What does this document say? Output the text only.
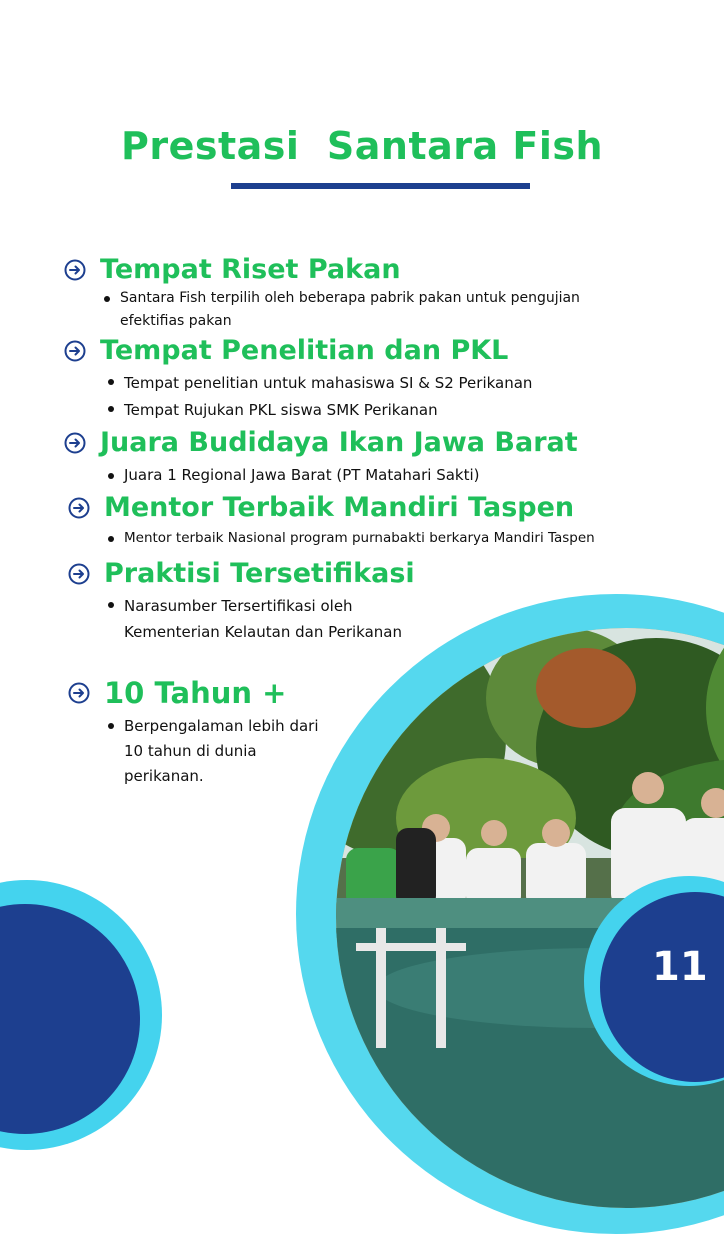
Prestasi  Santara Fish
Tempat Riset Pakan
Santara Fish terpilih oleh beberapa pabrik pakan untuk pengujian efektifias pakan
Tempat Penelitian dan PKL
Tempat penelitian untuk mahasiswa SI & S2 Perikanan
Tempat Rujukan PKL siswa SMK Perikanan
Juara Budidaya Ikan Jawa Barat
Juara 1 Regional Jawa Barat (PT Matahari Sakti)
Mentor Terbaik Mandiri Taspen
Mentor terbaik Nasional program purnabakti berkarya Mandiri Taspen
Praktisi Tersetifikasi
Narasumber Tersertifikasi oleh Kementerian Kelautan dan Perikanan
10 Tahun +
Berpengalaman lebih dari 10 tahun di dunia perikanan.
11
